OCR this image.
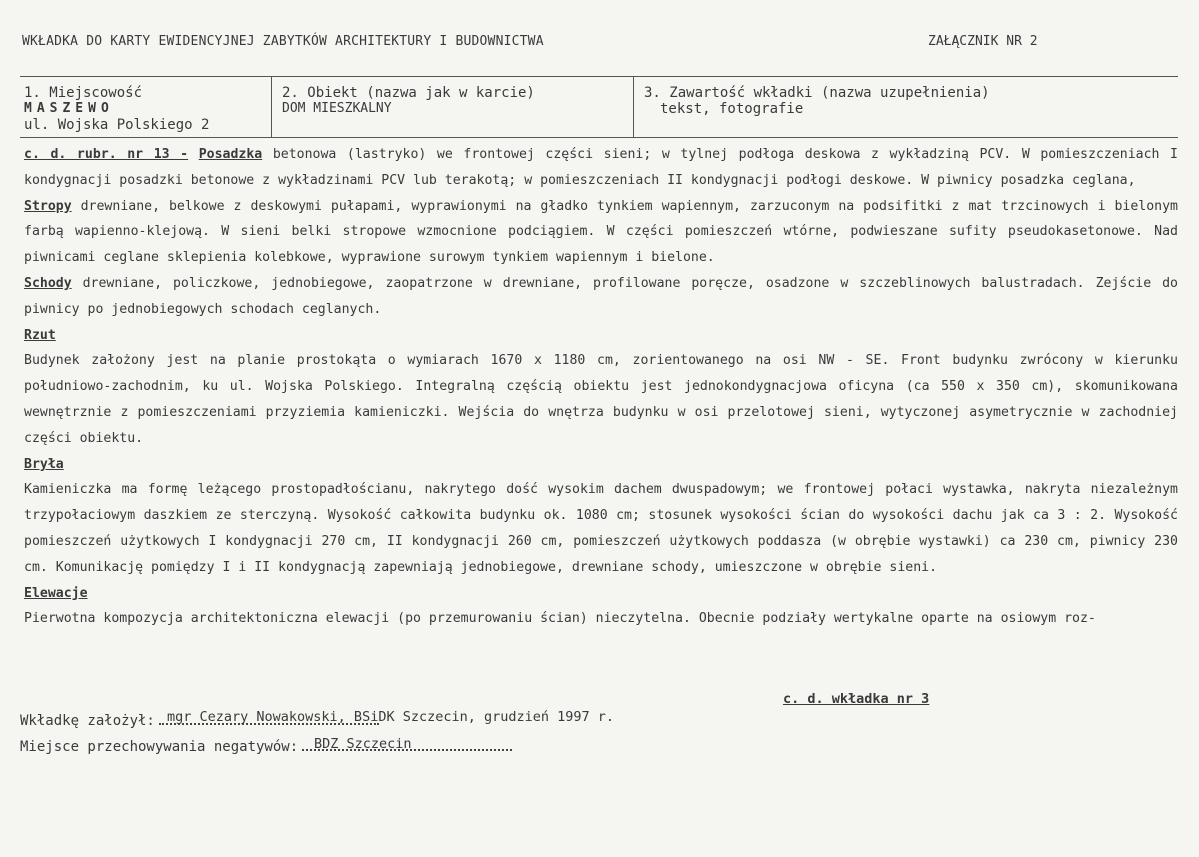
WKŁADKA DO KARTY EWIDENCYJNEJ ZABYTKÓW ARCHITEKTURY I BUDOWNICTWA	ZAŁĄCZNIK NR 2
1. Miejscowość
MASZEWO
ul. Wojska Polskiego 2
2. Obiekt (nazwa jak w karcie)
DOM MIESZKALNY
3. Zawartość wkładki (nazwa uzupełnienia)
tekst, fotografie

c. d. rubr. nr 13 - Posadzka betonowa (lastryko) we frontowej części sieni; w tylnej podłoga deskowa z wykładziną PCV. W pomieszczeniach I kondygnacji posadzki betonowe z wykładzinami PCV lub terakotą; w pomieszczeniach II kondygnacji podłogi deskowe. W piwnicy posadzka ceglana,

Stropy drewniane, belkowe z deskowymi pułapami, wyprawionymi na gładko tynkiem wapiennym, zarzuconym na podsifitki z mat trzcinowych i bielonym farbą wapienno-klejową. W sieni belki stropowe wzmocnione podciągiem. W części pomieszczeń wtórne, podwieszane sufity pseudokasetonowe. Nad piwnicami ceglane sklepienia kolebkowe, wyprawione surowym tynkiem wapiennym i bielone.

Schody drewniane, policzkowe, jednobiegowe, zaopatrzone w drewniane, profilowane poręcze, osadzone w szczeblinowych balustradach. Zejście do piwnicy po jednobiegowych schodach ceglanych.

Rzut

Budynek założony jest na planie prostokąta o wymiarach 1670 x 1180 cm, zorientowanego na osi NW - SE. Front budynku zwrócony w kierunku południowo-zachodnim, ku ul. Wojska Polskiego. Integralną częścią obiektu jest jednokondygnacjowa oficyna (ca 550 x 350 cm), skomunikowana wewnętrznie z pomieszczeniami przyziemia kamieniczki. Wejścia do wnętrza budynku w osi przelotowej sieni, wytyczonej asymetrycznie w zachodniej części obiektu.

Bryła

Kamieniczka ma formę leżącego prostopadłościanu, nakrytego dość wysokim dachem dwuspadowym; we frontowej połaci wystawka, nakryta niezależnym trzypołaciowym daszkiem ze sterczyną. Wysokość całkowita budynku ok. 1080 cm; stosunek wysokości ścian do wysokości dachu jak ca 3 : 2. Wysokość pomieszczeń użytkowych I kondygnacji 270 cm, II kondygnacji 260 cm, pomieszczeń użytkowych poddasza (w obrębie wystawki) ca 230 cm, piwnicy 230 cm. Komunikację pomiędzy I i II kondygnacją zapewniają jednobiegowe, drewniane schody, umieszczone w obrębie sieni.

Elewacje

Pierwotna kompozycja architektoniczna elewacji (po przemurowaniu ścian) nieczytelna. Obecnie podziały wertykalne oparte na osiowym roz-

c. d. wkładka nr 3
Wkładkę założył: mgr Cezary Nowakowski, BSiDK Szczecin, grudzień 1997 r.
Miejsce przechowywania negatywów:	BDZ Szczecin
